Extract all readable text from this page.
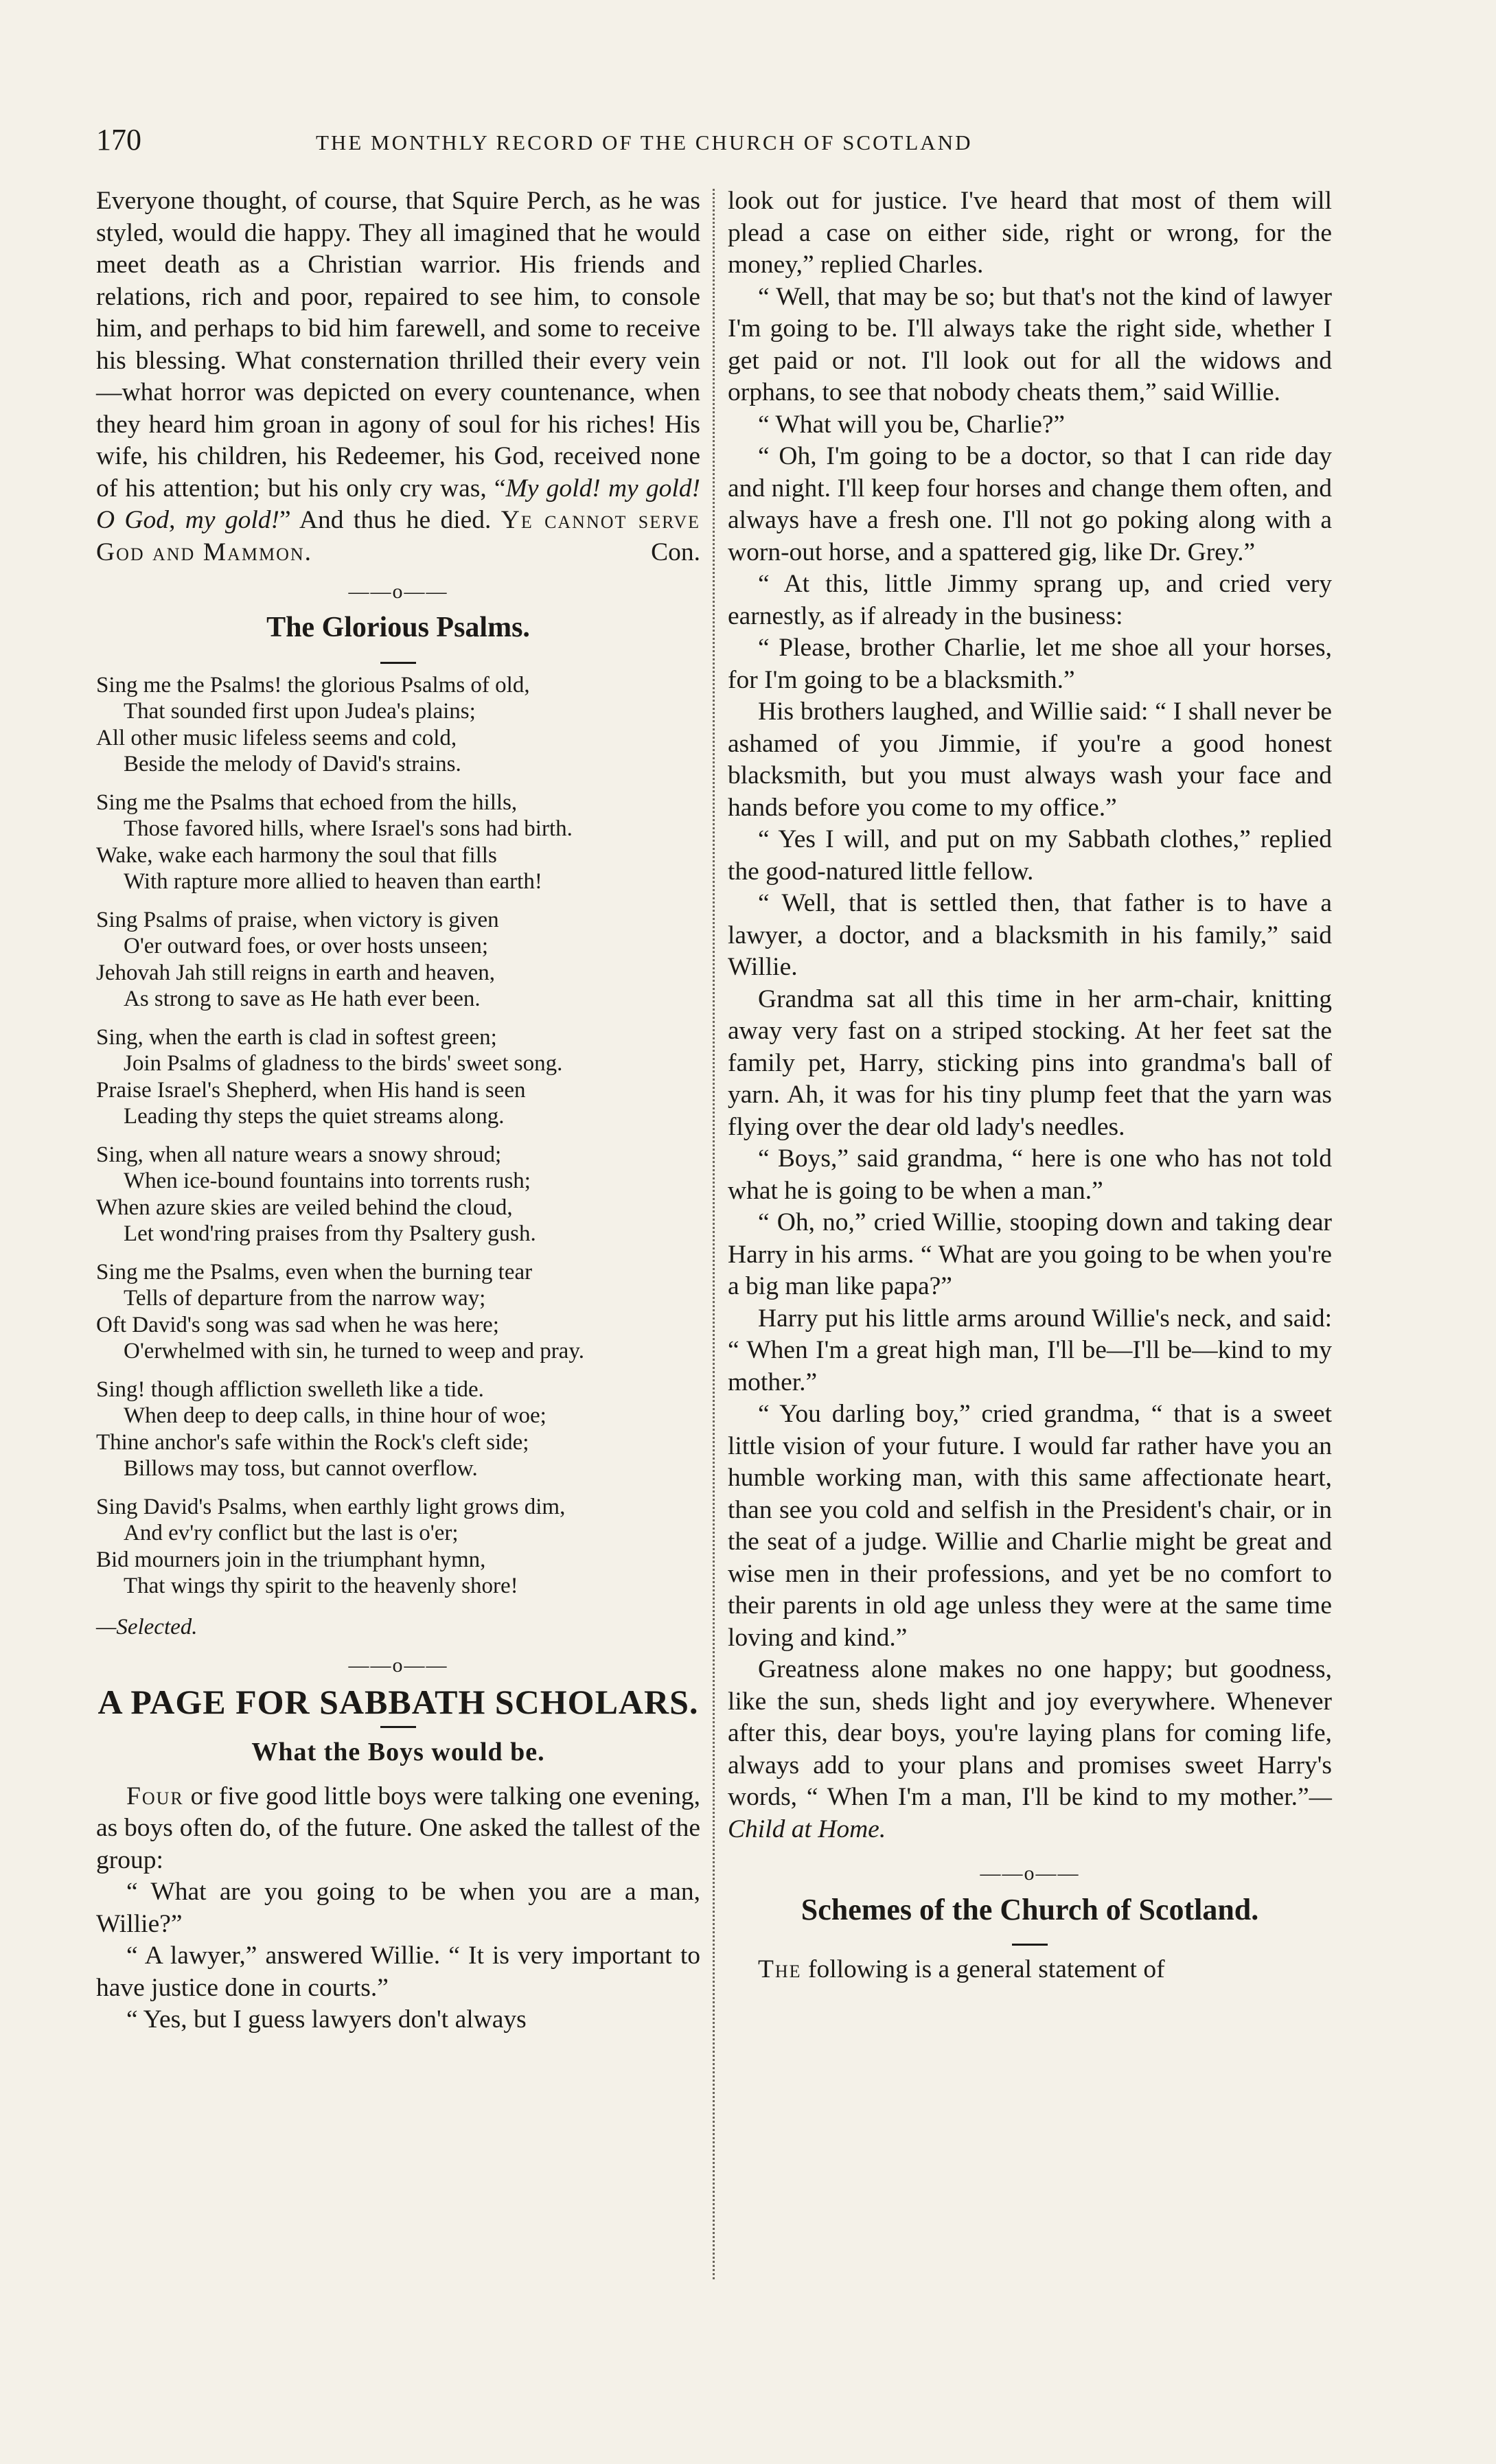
170	THE MONTHLY RECORD OF THE CHURCH OF SCOTLAND

Everyone thought, of course, that Squire Perch, as he was styled, would die happy. They all imagined that he would meet death as a Christian warrior. His friends and relations, rich and poor, repaired to see him, to console him, and perhaps to bid him farewell, and some to receive his blessing. What consternation thrilled their every vein—what horror was depicted on every countenance, when they heard him groan in agony of soul for his riches! His wife, his children, his Redeemer, his God, received none of his attention; but his only cry was, “My gold! my gold! O God, my gold!” And thus he died. Ye cannot serve God and Mammon.	Con.
——o——
The Glorious Psalms.
Sing me the Psalms! the glorious Psalms of old,
That sounded first upon Judea's plains;
All other music lifeless seems and cold,
Beside the melody of David's strains.
Sing me the Psalms that echoed from the hills,
Those favored hills, where Israel's sons had birth.
Wake, wake each harmony the soul that fills
With rapture more allied to heaven than earth!
Sing Psalms of praise, when victory is given
O'er outward foes, or over hosts unseen;
Jehovah Jah still reigns in earth and heaven,
As strong to save as He hath ever been.
Sing, when the earth is clad in softest green;
Join Psalms of gladness to the birds' sweet song.
Praise Israel's Shepherd, when His hand is seen
Leading thy steps the quiet streams along.
Sing, when all nature wears a snowy shroud;
When ice-bound fountains into torrents rush;
When azure skies are veiled behind the cloud,
Let wond'ring praises from thy Psaltery gush.
Sing me the Psalms, even when the burning tear
Tells of departure from the narrow way;
Oft David's song was sad when he was here;
O'erwhelmed with sin, he turned to weep and pray.
Sing! though affliction swelleth like a tide.
When deep to deep calls, in thine hour of woe;
Thine anchor's safe within the Rock's cleft side;
Billows may toss, but cannot overflow.
Sing David's Psalms, when earthly light grows dim,
And ev'ry conflict but the last is o'er;
Bid mourners join in the triumphant hymn,
That wings thy spirit to the heavenly shore!
—Selected.
——o——
A PAGE FOR SABBATH SCHOLARS.
What the Boys would be.

Four or five good little boys were talking one evening, as boys often do, of the future. One asked the tallest of the group:

“ What are you going to be when you are a man, Willie?”

“ A lawyer,” answered Willie. “ It is very important to have justice done in courts.”

“ Yes, but I guess lawyers don't always

look out for justice. I've heard that most of them will plead a case on either side, right or wrong, for the money,” replied Charles.

“ Well, that may be so; but that's not the kind of lawyer I'm going to be. I'll always take the right side, whether I get paid or not. I'll look out for all the widows and orphans, to see that nobody cheats them,” said Willie.

“ What will you be, Charlie?”

“ Oh, I'm going to be a doctor, so that I can ride day and night. I'll keep four horses and change them often, and always have a fresh one. I'll not go poking along with a worn-out horse, and a spattered gig, like Dr. Grey.”

“ At this, little Jimmy sprang up, and cried very earnestly, as if already in the business:

“ Please, brother Charlie, let me shoe all your horses, for I'm going to be a blacksmith.”

His brothers laughed, and Willie said: “ I shall never be ashamed of you Jimmie, if you're a good honest blacksmith, but you must always wash your face and hands before you come to my office.”

“ Yes I will, and put on my Sabbath clothes,” replied the good-natured little fellow.

“ Well, that is settled then, that father is to have a lawyer, a doctor, and a blacksmith in his family,” said Willie.

Grandma sat all this time in her arm-chair, knitting away very fast on a striped stocking. At her feet sat the family pet, Harry, sticking pins into grandma's ball of yarn. Ah, it was for his tiny plump feet that the yarn was flying over the dear old lady's needles.

“ Boys,” said grandma, “ here is one who has not told what he is going to be when a man.”

“ Oh, no,” cried Willie, stooping down and taking dear Harry in his arms. “ What are you going to be when you're a big man like papa?”

Harry put his little arms around Willie's neck, and said: “ When I'm a great high man, I'll be—I'll be—kind to my mother.”

“ You darling boy,” cried grandma, “ that is a sweet little vision of your future. I would far rather have you an humble working man, with this same affectionate heart, than see you cold and selfish in the President's chair, or in the seat of a judge. Willie and Charlie might be great and wise men in their professions, and yet be no comfort to their parents in old age unless they were at the same time loving and kind.”

Greatness alone makes no one happy; but goodness, like the sun, sheds light and joy everywhere. Whenever after this, dear boys, you're laying plans for coming life, always add to your plans and promises sweet Harry's words, “ When I'm a man, I'll be kind to my mother.”—Child at Home.

——o——
Schemes of the Church of Scotland.

The following is a general statement of
